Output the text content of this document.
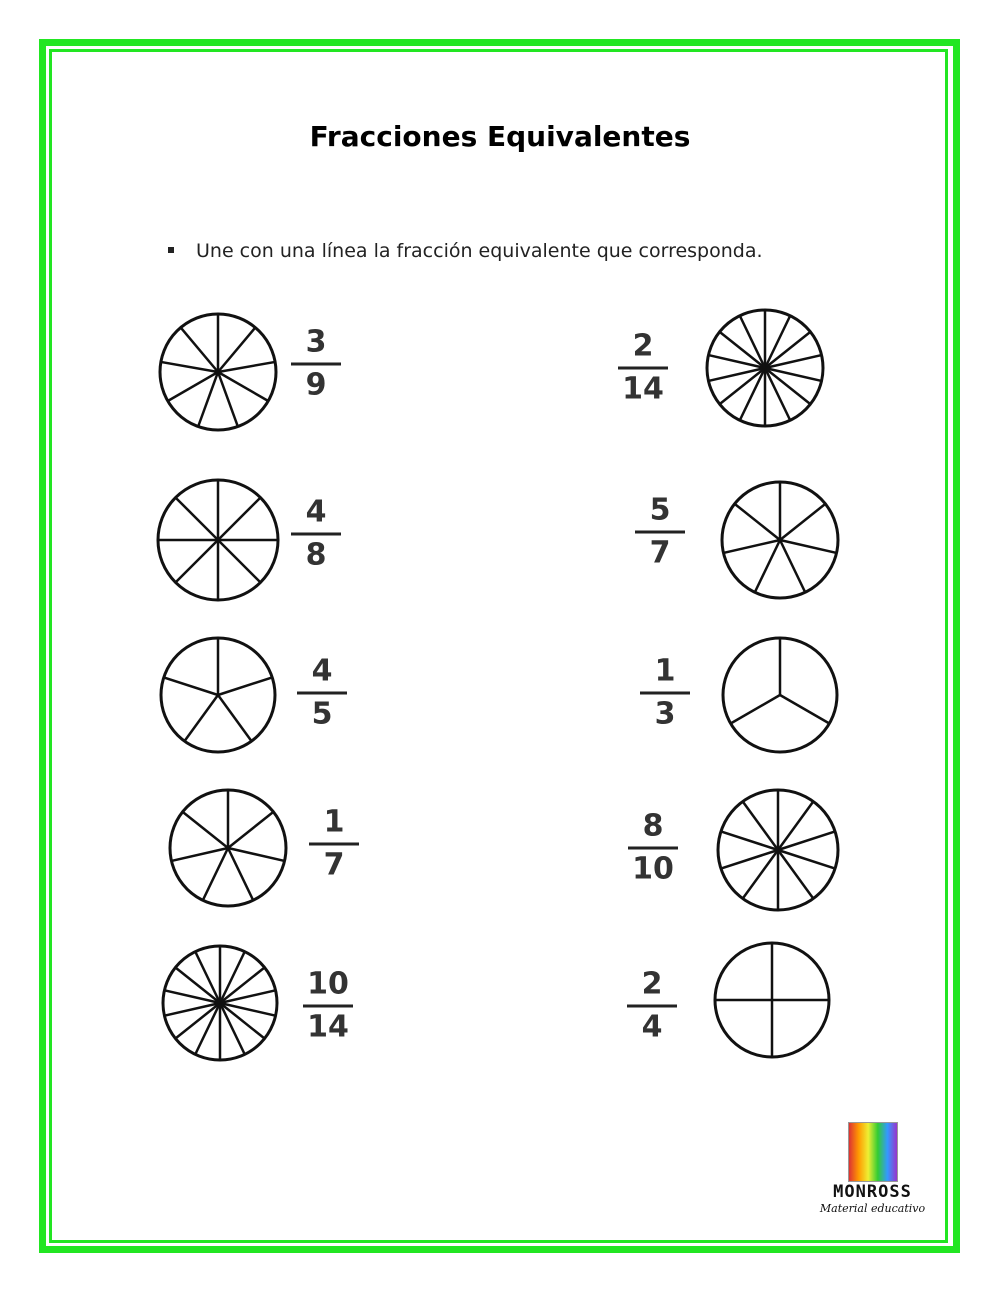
Fracciones Equivalentes
Une con una línea la fracción equivalente que corresponda.
3
9
4
8
4
5
1
7
10
14
2
14
5
7
1
3
8
10
2
4
MONROSS
Material educativo
